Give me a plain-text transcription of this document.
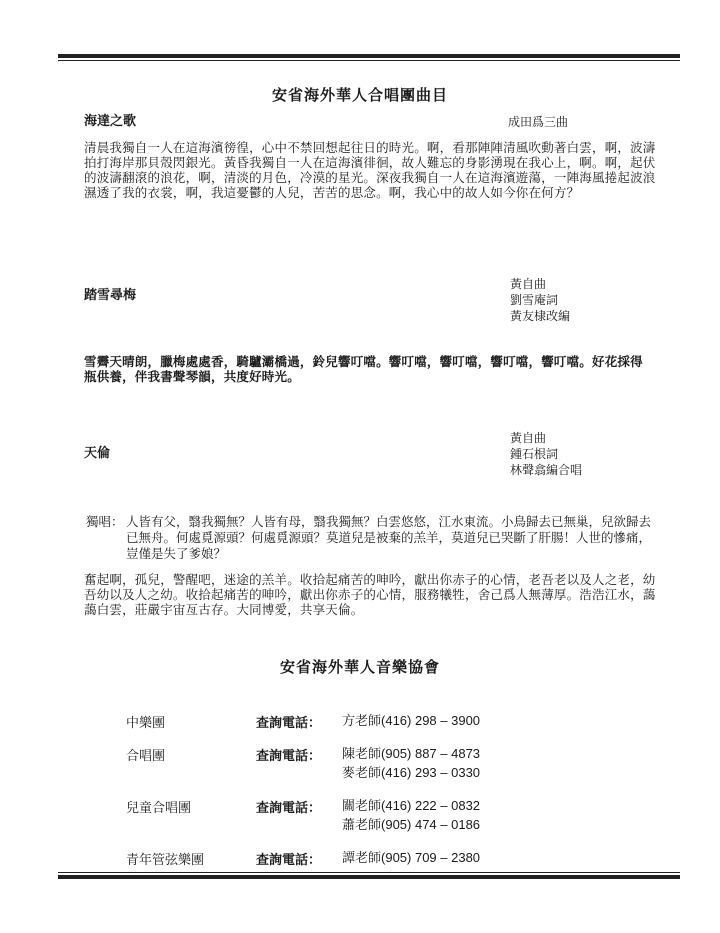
安省海外華人合唱團曲目
海達之歌	成田爲三曲
清晨我獨自一人在這海濱徬徨，心中不禁回想起往日的時光。啊，看那陣陣清風吹動著白雲，啊，波濤拍打海岸那貝殼閃銀光。黃昏我獨自一人在這海濱徘徊，故人難忘的身影湧現在我心上，啊。啊，起伏的波濤翻滾的浪花，啊，清淡的月色，冷漠的星光。深夜我獨自一人在這海濱遊蕩，一陣海風捲起波浪濕透了我的衣裳，啊，我這憂鬱的人兒，苦苦的思念。啊，我心中的故人如今你在何方？
踏雪尋梅
黃自曲
劉雪庵詞
黃友棣改編
雪霽天晴朗，臘梅處處香，騎驢灞橋過，鈴兒響叮噹。響叮噹，響叮噹，響叮噹，響叮噹。好花採得瓶供養，伴我書聲琴韻，共度好時光。
天倫
黃自曲
鍾石根詞
林聲翕編合唱
獨唱： 人皆有父，翳我獨無？人皆有母，翳我獨無？白雲悠悠，江水東流。小鳥歸去已無巢，兒欲歸去已無舟。何處覓源頭？何處覓源頭？莫道兒是被棄的羔羊，莫道兒已哭斷了肝腸！人世的慘痛，豈僅是失了爹娘？
奮起啊，孤兒，警醒吧，迷途的羔羊。收拾起痛苦的呻吟，獻出你赤子的心情，老吾老以及人之老，幼吾幼以及人之幼。收拾起痛苦的呻吟，獻出你赤子的心情，服務犧牲，舍己爲人無薄厚。浩浩江水，藹藹白雲，莊嚴宇宙亙古存。大同博愛，共享天倫。
安省海外華人音樂協會
中樂團	查詢電話：	方老師(416) 298 – 3900
合唱團	查詢電話：	陳老師(905) 887 – 4873
麥老師(416) 293 – 0330
兒童合唱團	查詢電話：	關老師(416) 222 – 0832
蕭老師(905) 474 – 0186
青年管弦樂團	查詢電話：	譚老師(905) 709 – 2380
